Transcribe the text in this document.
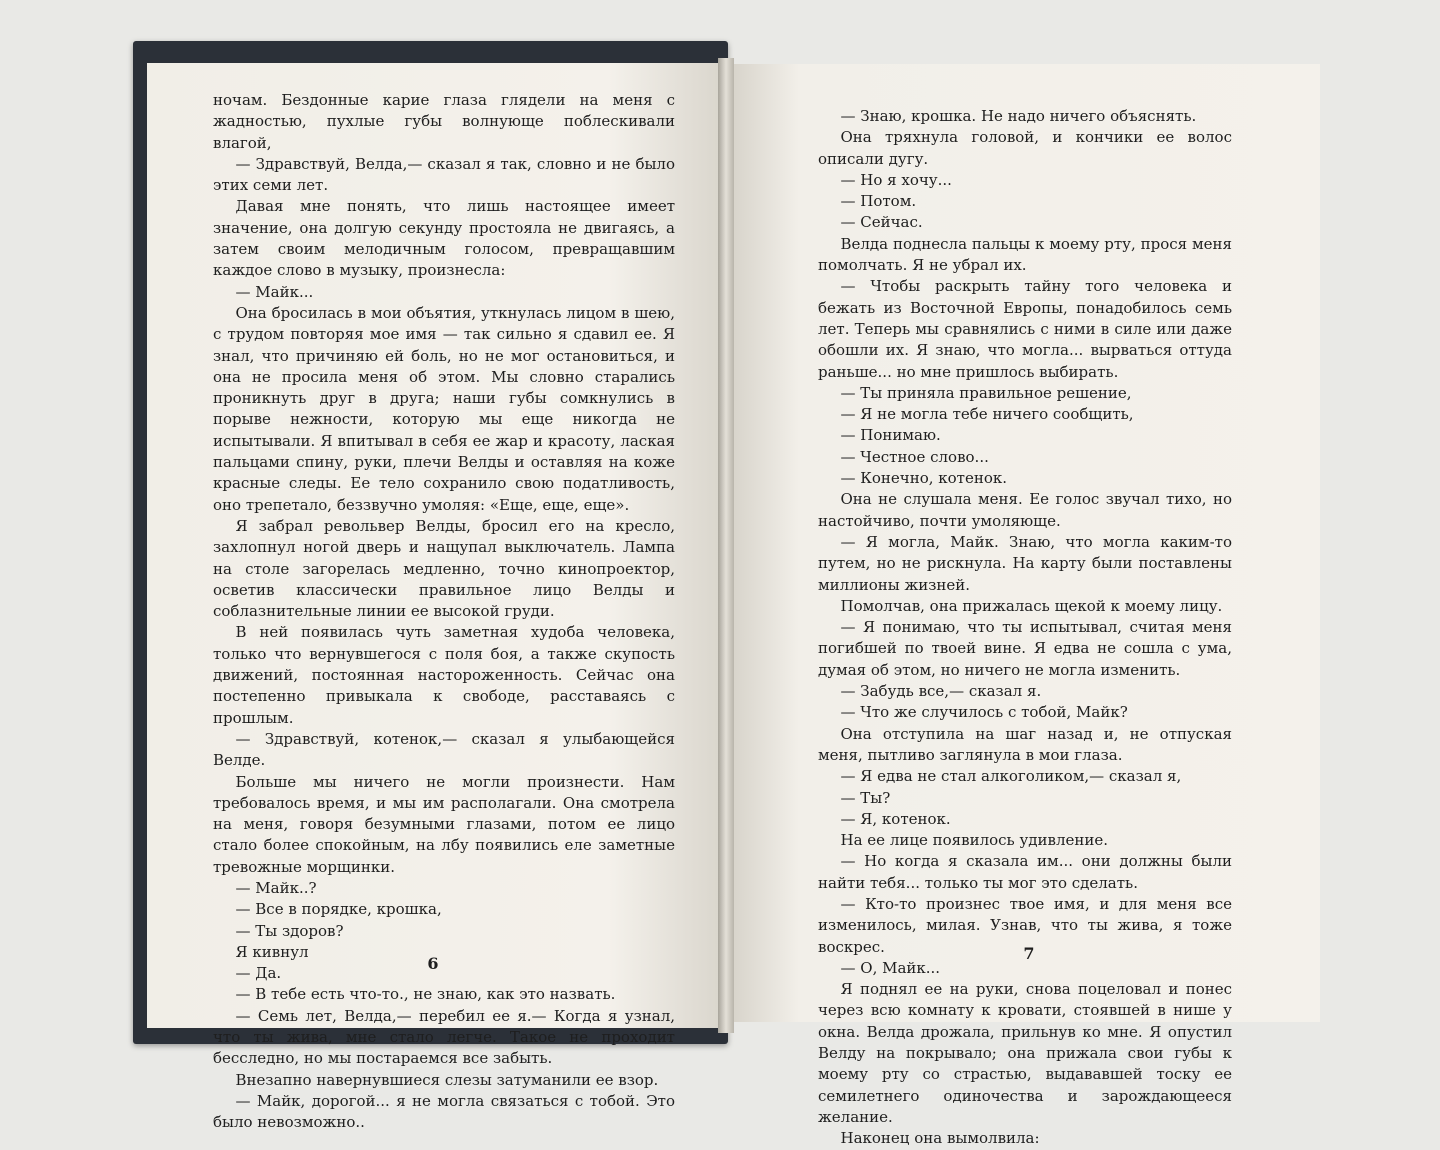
ночам. Бездонные карие глаза глядели на меня с жадностью, пухлые губы волнующе поблескивали влагой,

— Здравствуй, Велда,— сказал я так, словно и не было этих семи лет.

Давая мне понять, что лишь настоящее имеет значение, она долгую секунду простояла не двигаясь, а затем своим мелодичным голосом, превращавшим каждое слово в музыку, произнесла:

— Майк...

Она бросилась в мои объятия, уткнулась лицом в шею, с трудом повторяя мое имя — так сильно я сдавил ее. Я знал, что причиняю ей боль, но не мог остановиться, и она не просила меня об этом. Мы словно старались проникнуть друг в друга; наши губы сомкнулись в порыве нежности, которую мы еще никогда не испытывали. Я впитывал в себя ее жар и красоту, лаская пальцами спину, руки, плечи Велды и оставляя на коже красные следы. Ее тело сохранило свою податливость, оно трепетало, беззвучно умоляя: «Еще, еще, еще».

Я забрал револьвер Велды, бросил его на кресло, захлопнул ногой дверь и нащупал выключатель. Лампа на столе загорелась медленно, точно кинопроектор, осветив классически правильное лицо Велды и соблазнительные линии ее высокой груди.

В ней появилась чуть заметная худоба человека, только что вернувшегося с поля боя, а также скупость движений, постоянная настороженность. Сейчас она постепенно привыкала к свободе, расставаясь с прошлым.

— Здравствуй, котенок,— сказал я улыбающейся Велде.

Больше мы ничего не могли произнести. Нам требовалось время, и мы им располагали. Она смотрела на меня, говоря безумными глазами, потом ее лицо стало более спокойным, на лбу появились еле заметные тревожные морщинки.

— Майк..?

— Все в порядке, крошка,

— Ты здоров?

Я кивнул

— Да.

— В тебе есть что-то., не знаю, как это назвать.

— Семь лет, Велда,— перебил ее я.— Когда я узнал, что ты жива, мне стало легче. Такое не проходит бесследно, но мы постараемся все забыть.

Внезапно навернувшиеся слезы затуманили ее взор.

— Майк, дорогой... я не могла связаться с тобой. Это было невозможно..

6

— Знаю, крошка. Не надо ничего объяснять.

Она тряхнула головой, и кончики ее волос описали дугу.

— Но я хочу...

— Потом.

— Сейчас.

Велда поднесла пальцы к моему рту, прося меня помолчать. Я не убрал их.

— Чтобы раскрыть тайну того человека и бежать из Восточной Европы, понадобилось семь лет. Теперь мы сравнялись с ними в силе или даже обошли их. Я знаю, что могла... вырваться оттуда раньше... но мне пришлось выбирать.

— Ты приняла правильное решение,

— Я не могла тебе ничего сообщить,

— Понимаю.

— Честное слово...

— Конечно, котенок.

Она не слушала меня. Ее голос звучал тихо, но настойчиво, почти умоляюще.

— Я могла, Майк. Знаю, что могла каким-то путем, но не рискнула. На карту были поставлены миллионы жизней.

Помолчав, она прижалась щекой к моему лицу.

— Я понимаю, что ты испытывал, считая меня погибшей по твоей вине. Я едва не сошла с ума, думая об этом, но ничего не могла изменить.

— Забудь все,— сказал я.

— Что же случилось с тобой, Майк?

Она отступила на шаг назад и, не отпуская меня, пытливо заглянула в мои глаза.

— Я едва не стал алкоголиком,— сказал я,

— Ты?

— Я, котенок.

На ее лице появилось удивление.

— Но когда я сказала им... они должны были найти тебя... только ты мог это сделать.

— Кто-то произнес твое имя, и для меня все изменилось, милая. Узнав, что ты жива, я тоже воскрес.

— О, Майк...

Я поднял ее на руки, снова поцеловал и понес через всю комнату к кровати, стоявшей в нише у окна. Велда дрожала, прильнув ко мне. Я опустил Велду на покрывало; она прижала свои губы к моему рту со страстью, выдававшей тоску ее семилетнего одиночества и зарождающееся желание.

Наконец она вымолвила:

7
